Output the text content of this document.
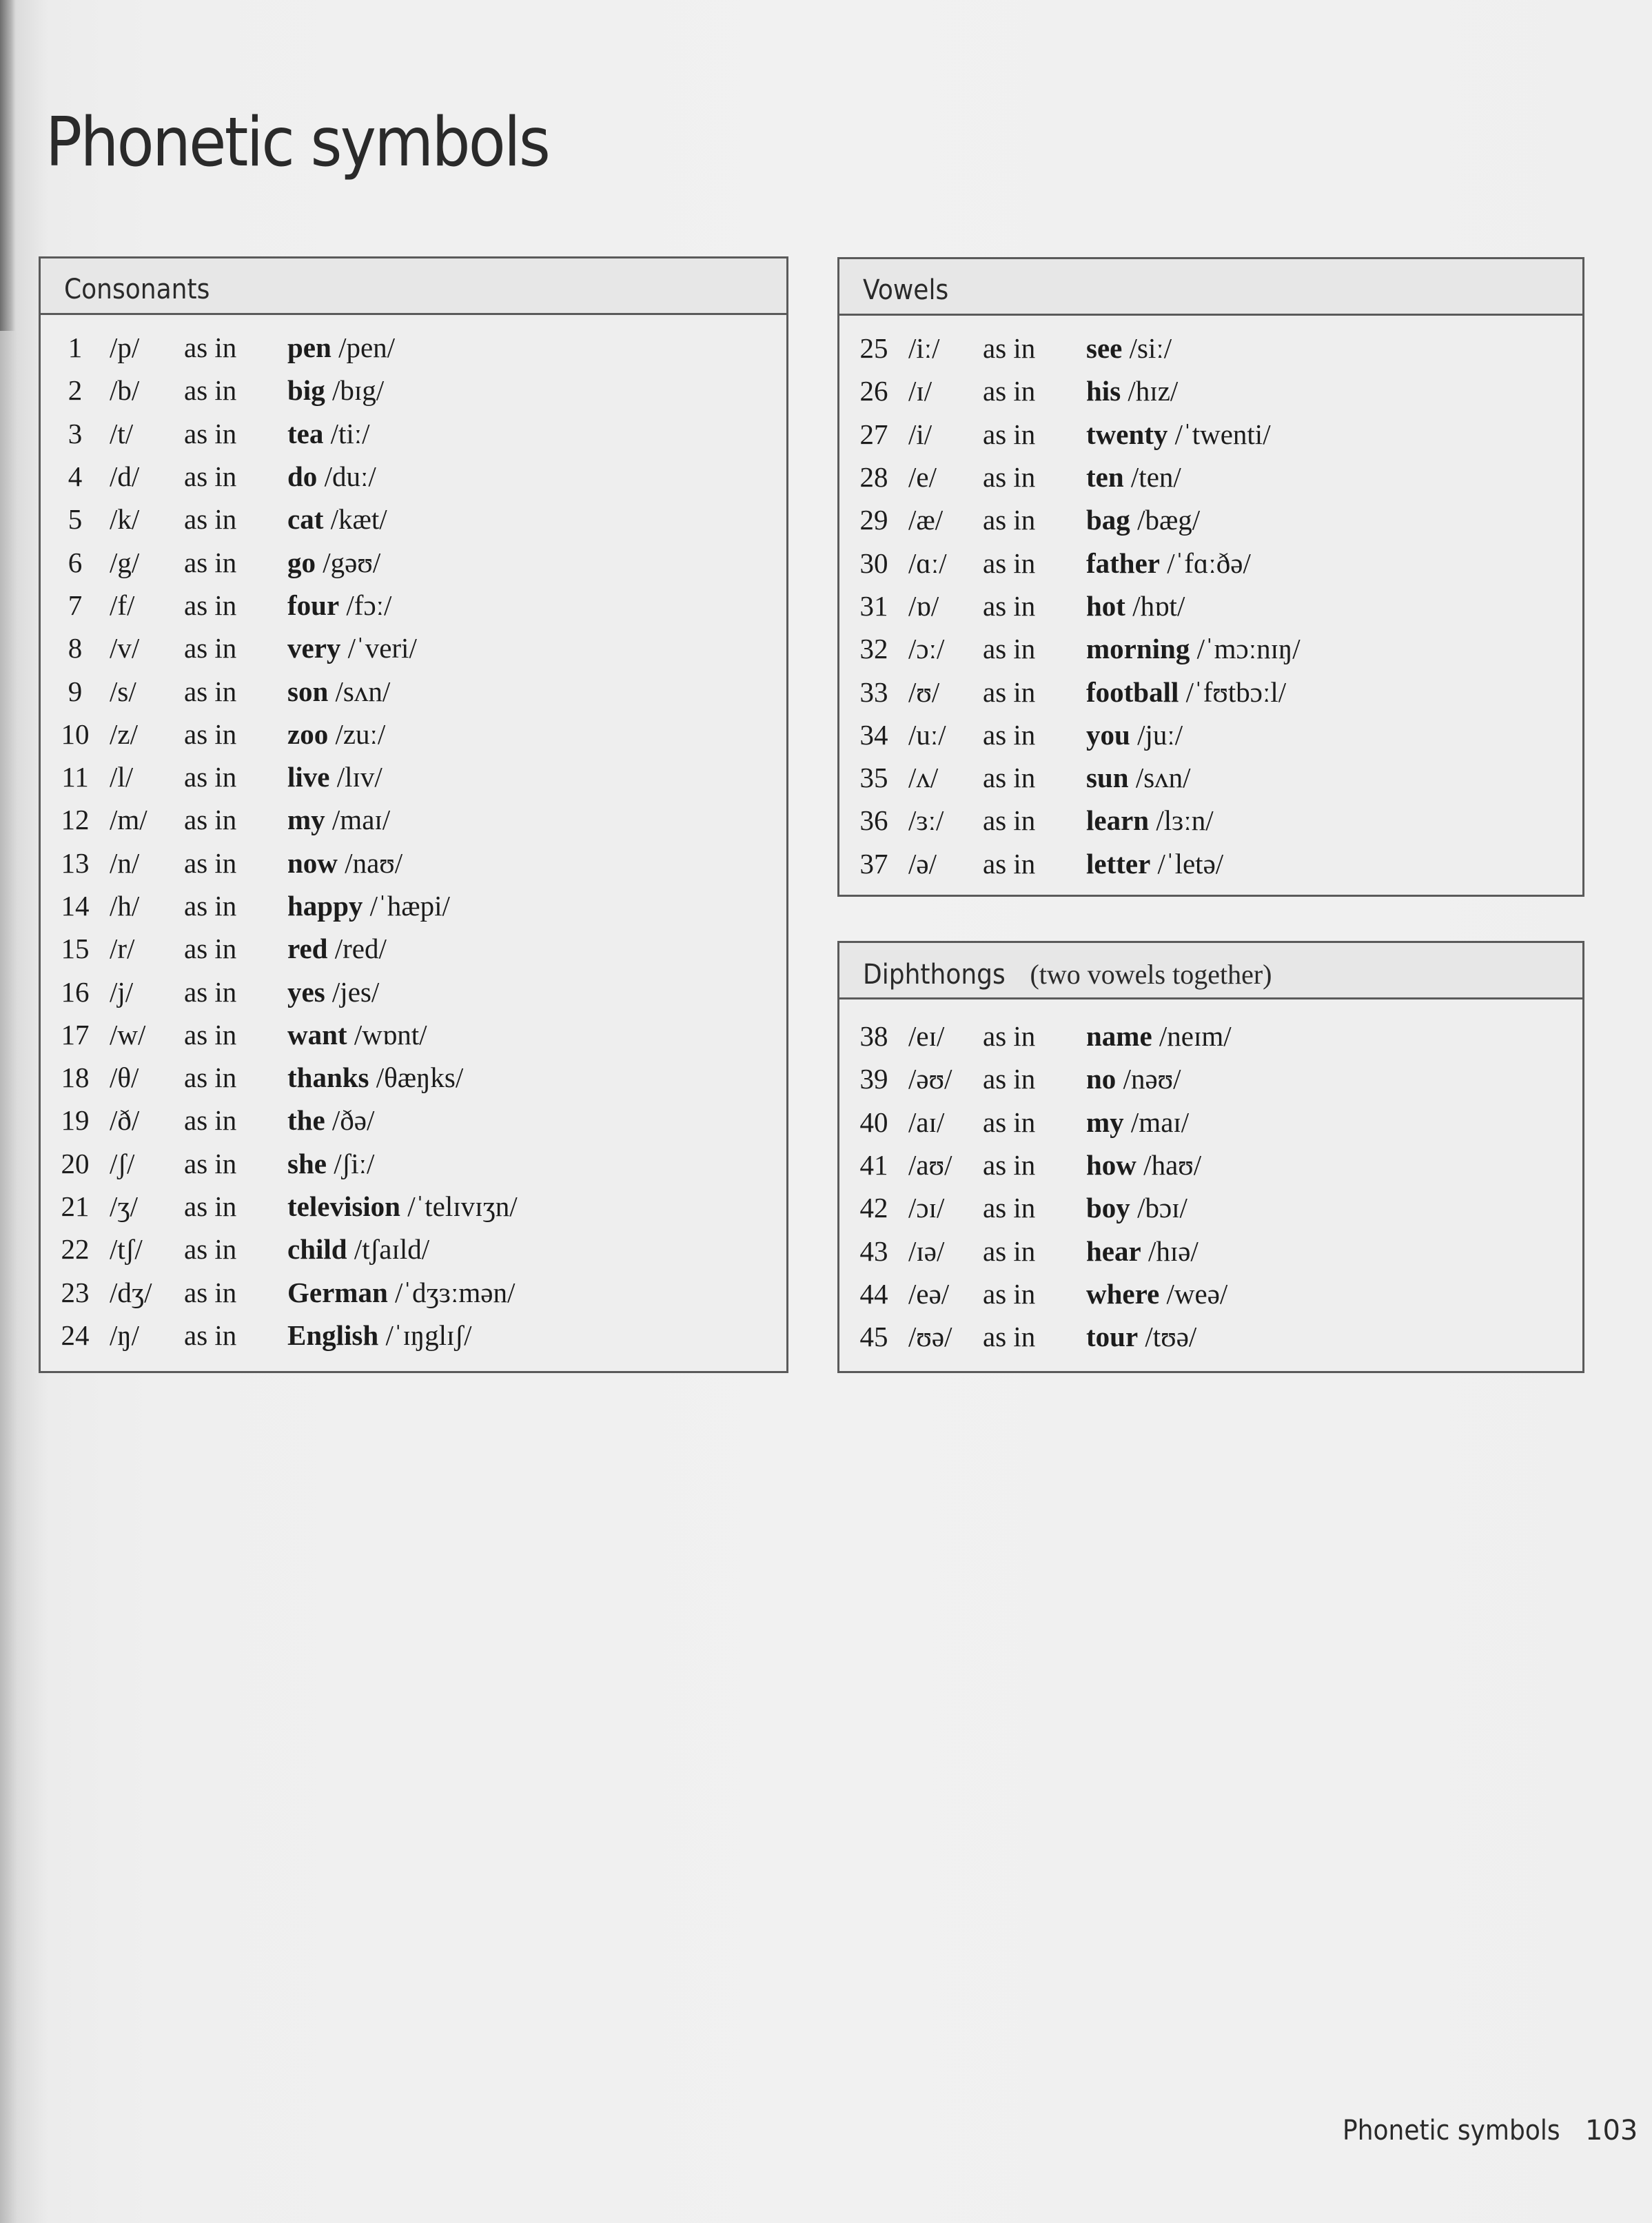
Phonetic symbols
Consonants
1 /p/	as in	pen /pen/
2 /b/	as in	big /bɪg/
3 /t/	as in	tea /tiː/
4 /d/	as in	do /duː/
5 /k/	as in	cat /kæt/
6 /g/	as in	go /gəʊ/
7 /f/	as in	four /fɔː/
8 /v/	as in	very /ˈveri/
9 /s/	as in	son /sʌn/
10 /z/	as in	zoo /zuː/
11 /l/	as in	live /lɪv/
12 /m/	as in	my /maɪ/
13 /n/	as in	now /naʊ/
14 /h/	as in	happy /ˈhæpi/
15 /r/	as in	red /red/
16 /j/	as in	yes /jes/
17 /w/	as in	want /wɒnt/
18 /θ/	as in	thanks /θæŋks/
19 /ð/	as in	the /ðə/
20 /ʃ/	as in	she /ʃiː/
21 /ʒ/	as in	television /ˈtelɪvɪʒn/
22 /tʃ/	as in	child /tʃaɪld/
23 /dʒ/	as in	German /ˈdʒɜːmən/
24 /ŋ/	as in	English /ˈɪŋglɪʃ/
Vowels
25 /iː/	as in	see /siː/
26 /ɪ/	as in	his /hɪz/
27 /i/	as in	twenty /ˈtwenti/
28 /e/	as in	ten /ten/
29 /æ/	as in	bag /bæg/
30 /ɑː/	as in	father /ˈfɑːðə/
31 /ɒ/	as in	hot /hɒt/
32 /ɔː/	as in	morning /ˈmɔːnɪŋ/
33 /ʊ/	as in	football /ˈfʊtbɔːl/
34 /uː/	as in	you /juː/
35 /ʌ/	as in	sun /sʌn/
36 /ɜː/	as in	learn /lɜːn/
37 /ə/	as in	letter /ˈletə/
Diphthongs (two vowels together)
38 /eɪ/	as in	name /neɪm/
39 /əʊ/	as in	no /nəʊ/
40 /aɪ/	as in	my /maɪ/
41 /aʊ/	as in	how /haʊ/
42 /ɔɪ/	as in	boy /bɔɪ/
43 /ɪə/	as in	hear /hɪə/
44 /eə/	as in	where /weə/
45 /ʊə/	as in	tour /tʊə/
Phonetic symbols 103
